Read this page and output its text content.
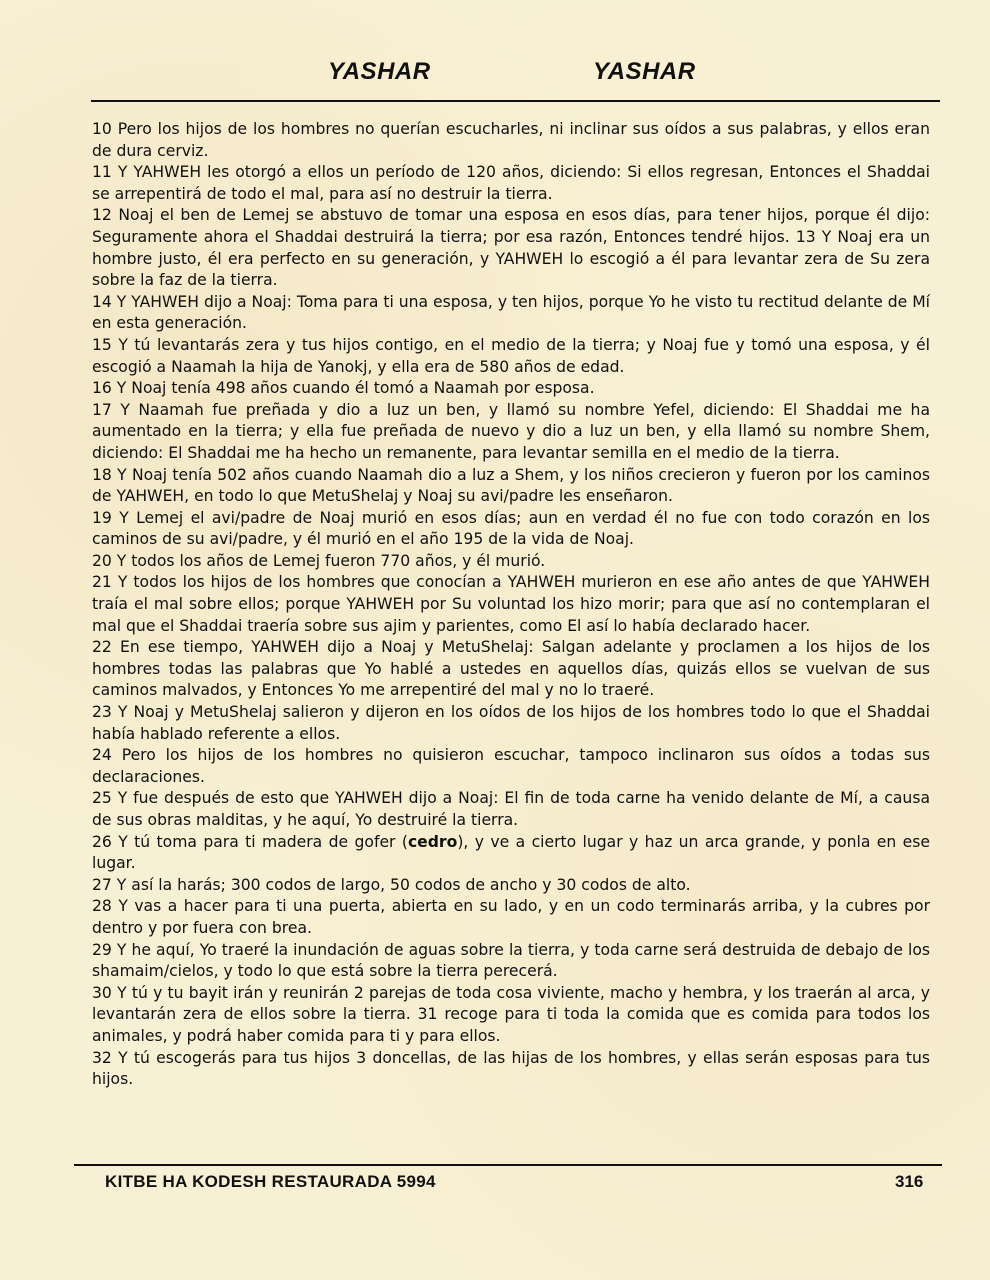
YASHAR	YASHAR

10 Pero los hijos de los hombres no querían escucharles, ni inclinar sus oídos a sus palabras, y ellos eran de dura cerviz.

11 Y YAHWEH les otorgó a ellos un período de 120 años, diciendo: Si ellos regresan, Entonces el Shaddai se arrepentirá de todo el mal, para así no destruir la tierra.

12 Noaj el ben de Lemej se abstuvo de tomar una esposa en esos días, para tener hijos, porque él dijo: Seguramente ahora el Shaddai destruirá la tierra; por esa razón, Entonces tendré hijos. 13 Y Noaj era un hombre justo, él era perfecto en su generación, y YAHWEH lo escogió a él para levantar zera de Su zera sobre la faz de la tierra.

14 Y YAHWEH dijo a Noaj: Toma para ti una esposa, y ten hijos, porque Yo he visto tu rectitud delante de Mí en esta generación.

15 Y tú levantarás zera y tus hijos contigo, en el medio de la tierra; y Noaj fue y tomó una esposa, y él escogió a Naamah la hija de Yanokj, y ella era de 580 años de edad.

16 Y Noaj tenía 498 años cuando él tomó a Naamah por esposa.

17 Y Naamah fue preñada y dio a luz un ben, y llamó su nombre Yefel, diciendo: El Shaddai me ha aumentado en la tierra; y ella fue preñada de nuevo y dio a luz un ben, y ella llamó su nombre Shem, diciendo: El Shaddai me ha hecho un remanente, para levantar semilla en el medio de la tierra.

18 Y Noaj tenía 502 años cuando Naamah dio a luz a Shem, y los niños crecieron y fueron por los caminos de YAHWEH, en todo lo que MetuShelaj y Noaj su avi/padre les enseñaron.

19 Y Lemej el avi/padre de Noaj murió en esos días; aun en verdad él no fue con todo corazón en los caminos de su avi/padre, y él murió en el año 195 de la vida de Noaj.

20 Y todos los años de Lemej fueron 770 años, y él murió.

21 Y todos los hijos de los hombres que conocían a YAHWEH murieron en ese año antes de que YAHWEH traía el mal sobre ellos; porque YAHWEH por Su voluntad los hizo morir; para que así no contemplaran el mal que el Shaddai traería sobre sus ajim y parientes, como El así lo había declarado hacer.

22 En ese tiempo, YAHWEH dijo a Noaj y MetuShelaj: Salgan adelante y proclamen a los hijos de los hombres todas las palabras que Yo hablé a ustedes en aquellos días, quizás ellos se vuelvan de sus caminos malvados, y Entonces Yo me arrepentiré del mal y no lo traeré.

23 Y Noaj y MetuShelaj salieron y dijeron en los oídos de los hijos de los hombres todo lo que el Shaddai había hablado referente a ellos.

24 Pero los hijos de los hombres no quisieron escuchar, tampoco inclinaron sus oídos a todas sus declaraciones.

25 Y fue después de esto que YAHWEH dijo a Noaj: El fin de toda carne ha venido delante de Mí, a causa de sus obras malditas, y he aquí, Yo destruiré la tierra.

26 Y tú toma para ti madera de gofer (cedro), y ve a cierto lugar y haz un arca grande, y ponla en ese lugar.

27 Y así la harás; 300 codos de largo, 50 codos de ancho y 30 codos de alto.

28 Y vas a hacer para ti una puerta, abierta en su lado, y en un codo terminarás arriba, y la cubres por dentro y por fuera con brea.

29 Y he aquí, Yo traeré la inundación de aguas sobre la tierra, y toda carne será destruida de debajo de los shamaim/cielos, y todo lo que está sobre la tierra perecerá.

30 Y tú y tu bayit irán y reunirán 2 parejas de toda cosa viviente, macho y hembra, y los traerán al arca, y levantarán zera de ellos sobre la tierra. 31 recoge para ti toda la comida que es comida para todos los animales, y podrá haber comida para ti y para ellos.

32 Y tú escogerás para tus hijos 3 doncellas, de las hijas de los hombres, y ellas serán esposas para tus hijos.

KITBE HA KODESH RESTAURADA 5994	316
